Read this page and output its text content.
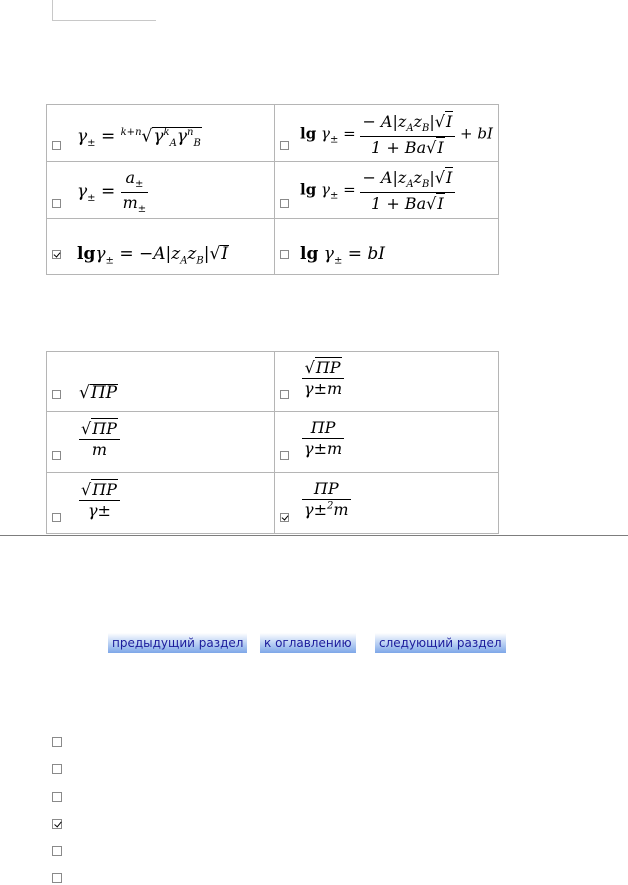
$\gamma_\pm = ^{k+n}√\gamma^k_A\gamma^n_B$	$\lg \gamma_\pm = \frac{- A|z_Az_B|√I}{1 + Ba√I}$ + bI

$\gamma_\pm = \frac{a_\pm}{m_\pm}$	$\lg \gamma_\pm = \frac{- A|z_Az_B|√I}{1 + Ba√I}$

$\lg\gamma_\pm = -A|z_Az_B|√I$	$\lg \gamma_\pm$ = bI
√ПР	$\frac{√ПР}{\gamma\pm m}$

$\frac{√ПР}{m}$	$\frac{ПР}{\gamma\pm m}$

$\frac{√ПР}{\gamma\pm}$	$\frac{ПР}{\gamma\pm^2m}$
предыдущий раздел	к оглавлению	следующий раздел
